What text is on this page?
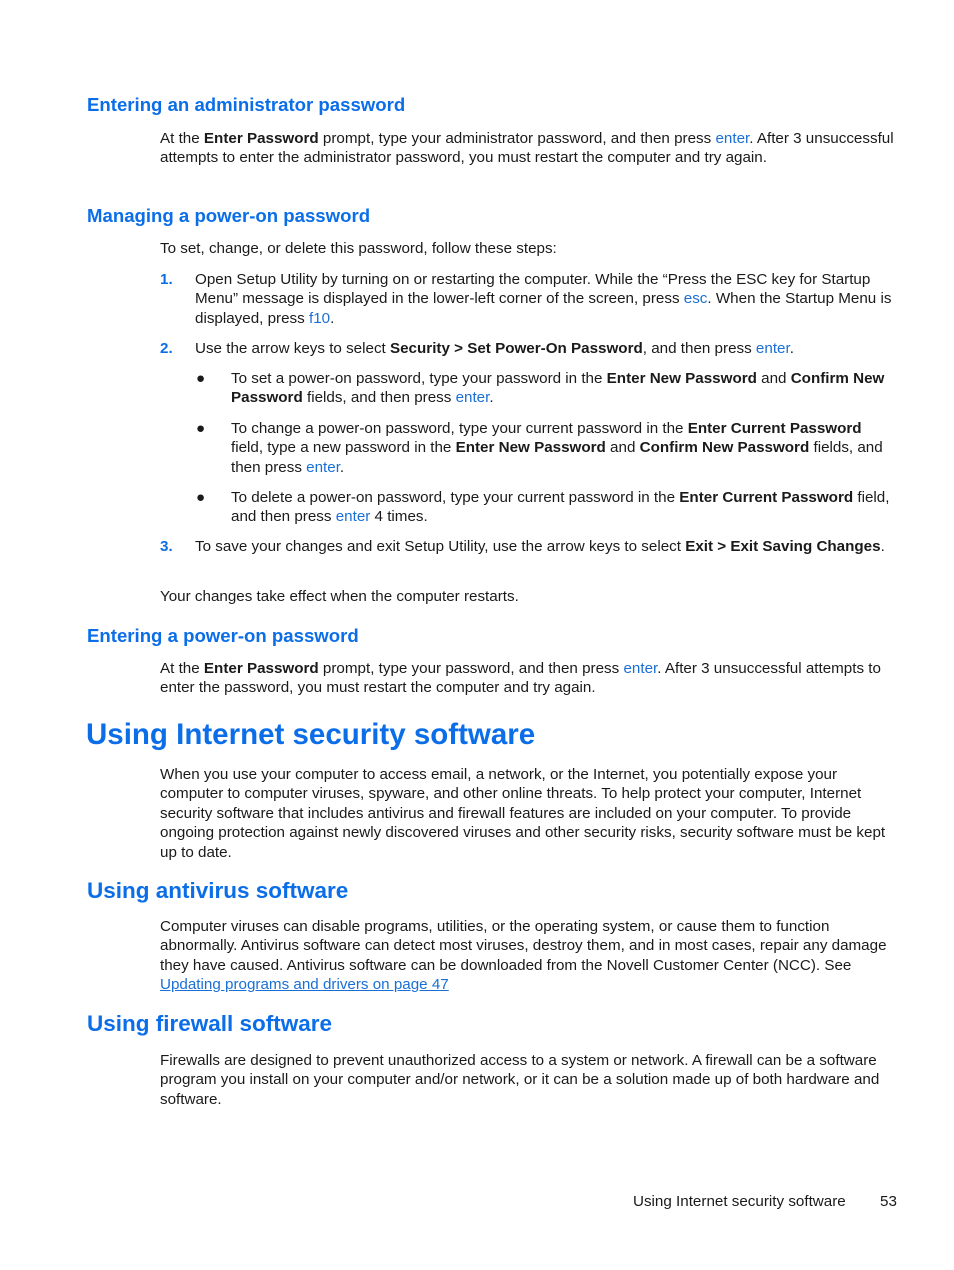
Entering an administrator password
At the Enter Password prompt, type your administrator password, and then press enter. After 3 unsuccessful attempts to enter the administrator password, you must restart the computer and try again.
Managing a power-on password
To set, change, or delete this password, follow these steps:
1. Open Setup Utility by turning on or restarting the computer. While the “Press the ESC key for Startup Menu” message is displayed in the lower-left corner of the screen, press esc. When the Startup Menu is displayed, press f10.
2. Use the arrow keys to select Security > Set Power-On Password, and then press enter.
● To set a power-on password, type your password in the Enter New Password and Confirm New Password fields, and then press enter.
● To change a power-on password, type your current password in the Enter Current Password field, type a new password in the Enter New Password and Confirm New Password fields, and then press enter.
● To delete a power-on password, type your current password in the Enter Current Password field, and then press enter 4 times.
3. To save your changes and exit Setup Utility, use the arrow keys to select Exit > Exit Saving Changes.
Your changes take effect when the computer restarts.
Entering a power-on password
At the Enter Password prompt, type your password, and then press enter. After 3 unsuccessful attempts to enter the password, you must restart the computer and try again.
Using Internet security software
When you use your computer to access email, a network, or the Internet, you potentially expose your computer to computer viruses, spyware, and other online threats. To help protect your computer, Internet security software that includes antivirus and firewall features are included on your computer. To provide ongoing protection against newly discovered viruses and other security risks, security software must be kept up to date.
Using antivirus software
Computer viruses can disable programs, utilities, or the operating system, or cause them to function abnormally. Antivirus software can detect most viruses, destroy them, and in most cases, repair any damage they have caused. Antivirus software can be downloaded from the Novell Customer Center (NCC). See Updating programs and drivers on page 47
Using firewall software
Firewalls are designed to prevent unauthorized access to a system or network. A firewall can be a software program you install on your computer and/or network, or it can be a solution made up of both hardware and software.
Using Internet security software 53
